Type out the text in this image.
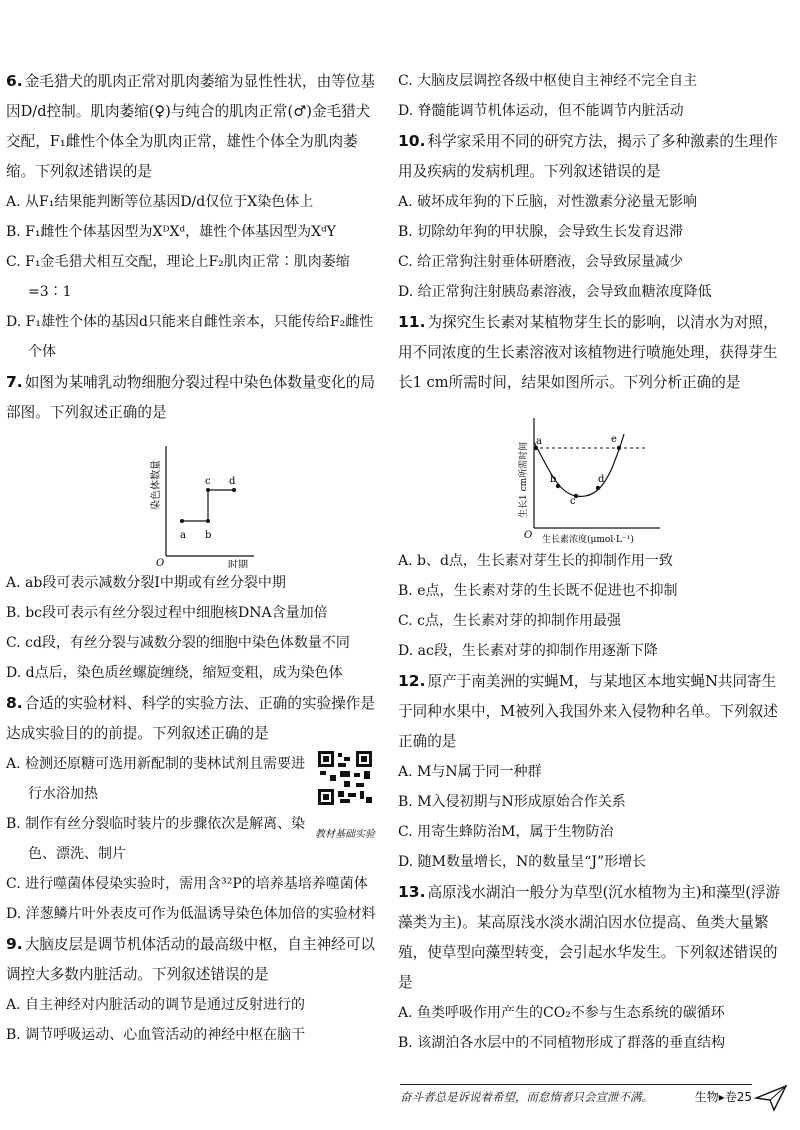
6. 金毛猎犬的肌肉正常对肌肉萎缩为显性性状，由等位基因D/d控制。肌肉萎缩(♀)与纯合的肌肉正常(♂)金毛猎犬交配，F₁雌性个体全为肌肉正常，雄性个体全为肌肉萎缩。下列叙述错误的是
A. 从F₁结果能判断等位基因D/d仅位于X染色体上
B. F₁雌性个体基因型为XᴰXᵈ，雄性个体基因型为XᵈY
C. F₁金毛猎犬相互交配，理论上F₂肌肉正常∶肌肉萎缩=3∶1
D. F₁雄性个体的基因d只能来自雌性亲本，只能传给F₂雌性个体
7. 如图为某哺乳动物细胞分裂过程中染色体数量变化的局部图。下列叙述正确的是
a b
c d
O	时期
染色体数量
A. ab段可表示减数分裂Ⅰ中期或有丝分裂中期
B. bc段可表示有丝分裂过程中细胞核DNA含量加倍
C. cd段，有丝分裂与减数分裂的细胞中染色体数量不同
D. d点后，染色质丝螺旋缠绕，缩短变粗，成为染色体
8. 合适的实验材料、科学的实验方法、正确的实验操作是达成实验目的的前提。下列叙述正确的是
教材基础实验
A. 检测还原糖可选用新配制的斐林试剂且需要进行水浴加热
B. 制作有丝分裂临时装片的步骤依次是解离、染色、漂洗、制片
C. 进行噬菌体侵染实验时，需用含³²P的培养基培养噬菌体
D. 洋葱鳞片叶外表皮可作为低温诱导染色体加倍的实验材料
9. 大脑皮层是调节机体活动的最高级中枢，自主神经可以调控大多数内脏活动。下列叙述错误的是
A. 自主神经对内脏活动的调节是通过反射进行的
B. 调节呼吸运动、心血管活动的神经中枢在脑干
C. 大脑皮层调控各级中枢使自主神经不完全自主
D. 脊髓能调节机体运动，但不能调节内脏活动
10. 科学家采用不同的研究方法，揭示了多种激素的生理作用及疾病的发病机理。下列叙述错误的是
A. 破坏成年狗的下丘脑，对性激素分泌量无影响
B. 切除幼年狗的甲状腺，会导致生长发育迟滞
C. 给正常狗注射垂体研磨液，会导致尿量减少
D. 给正常狗注射胰岛素溶液，会导致血糖浓度降低
11. 为探究生长素对某植物芽生长的影响，以清水为对照，用不同浓度的生长素溶液对该植物进行喷施处理，获得芽生长1 cm所需时间，结果如图所示。下列分析正确的是
a
b
c
d
e
O 生长素浓度(μmol·L⁻¹)
生长1 cm所需时间
A. b、d点，生长素对芽生长的抑制作用一致
B. e点，生长素对芽的生长既不促进也不抑制
C. c点，生长素对芽的抑制作用最强
D. ac段，生长素对芽的抑制作用逐渐下降
12. 原产于南美洲的实蝇M，与某地区本地实蝇N共同寄生于同种水果中，M被列入我国外来入侵物种名单。下列叙述正确的是
A. M与N属于同一种群
B. M入侵初期与N形成原始合作关系
C. 用寄生蜂防治M，属于生物防治
D. 随M数量增长，N的数量呈“J”形增长
13. 高原浅水湖泊一般分为草型(沉水植物为主)和藻型(浮游藻类为主)。某高原浅水淡水湖泊因水位提高、鱼类大量繁殖，使草型向藻型转变，会引起水华发生。下列叙述错误的是
A. 鱼类呼吸作用产生的CO₂不参与生态系统的碳循环
B. 该湖泊各水层中的不同植物形成了群落的垂直结构
奋斗者总是诉说着希望，而怠惰者只会宣泄不满。	生物▸卷25
